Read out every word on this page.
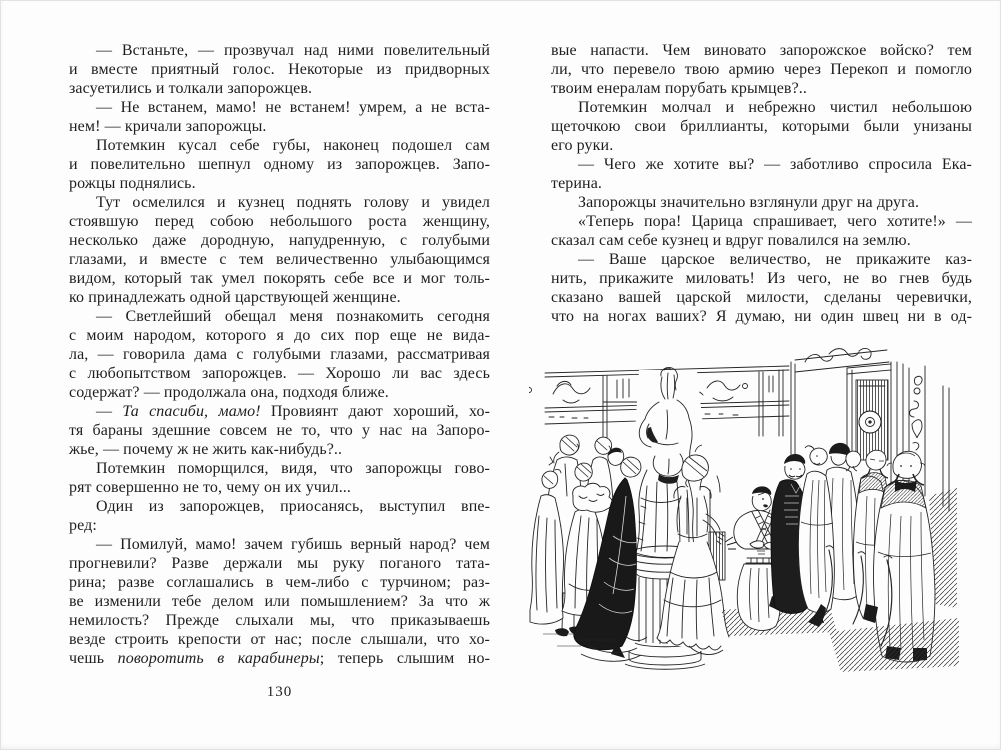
— Встаньте, — прозвучал над ними повелительный
и вместе приятный голос. Некоторые из придворных
засуетились и толкали запорожцев.
— Не встанем, мамо! не встанем! умрем, а не вста-
нем! — кричали запорожцы.
Потемкин кусал себе губы, наконец подошел сам
и повелительно шепнул одному из запорожцев. Запо-
рожцы поднялись.
Тут осмелился и кузнец поднять голову и увидел
стоявшую перед собою небольшого роста женщину,
несколько даже дородную, напудренную, с голубыми
глазами, и вместе с тем величественно улыбающимся
видом, который так умел покорять себе все и мог толь-
ко принадлежать одной царствующей женщине.
— Светлейший обещал меня познакомить сегодня
с моим народом, которого я до сих пор еще не вида-
ла, — говорила дама с голубыми глазами, рассматривая
с любопытством запорожцев. — Хорошо ли вас здесь
содержат? — продолжала она, подходя ближе.
— Та спасиби, мамо! Провиянт дают хороший, хо-
тя бараны здешние совсем не то, что у нас на Запоро-
жье, — почему ж не жить как-нибудь?..
Потемкин поморщился, видя, что запорожцы гово-
рят совершенно не то, чему он их учил...
Один из запорожцев, приосанясь, выступил впе-
ред:
— Помилуй, мамо! зачем губишь верный народ? чем
прогневили? Разве держали мы руку поганого тата-
рина; разве соглашались в чем-либо с турчином; раз-
ве изменили тебе делом или помышлением? За что ж
немилость? Прежде слыхали мы, что приказываешь
везде строить крепости от нас; после слышали, что хо-
чешь поворотить в карабинеры; теперь слышим но-
130
вые напасти. Чем виновато запорожское войско? тем
ли, что перевело твою армию через Перекоп и помогло
твоим енералам порубать крымцев?..
Потемкин молчал и небрежно чистил небольшою
щеточкою свои бриллианты, которыми были унизаны
его руки.
— Чего же хотите вы? — заботливо спросила Ека-
терина.
Запорожцы значительно взглянули друг на друга.
«Теперь пора! Царица спрашивает, чего хотите!» —
сказал сам себе кузнец и вдруг повалился на землю.
— Ваше царское величество, не прикажите каз-
нить, прикажите миловать! Из чего, не во гнев будь
сказано вашей царской милости, сделаны черевички,
что на ногах ваших? Я думаю, ни один швец ни в од-
